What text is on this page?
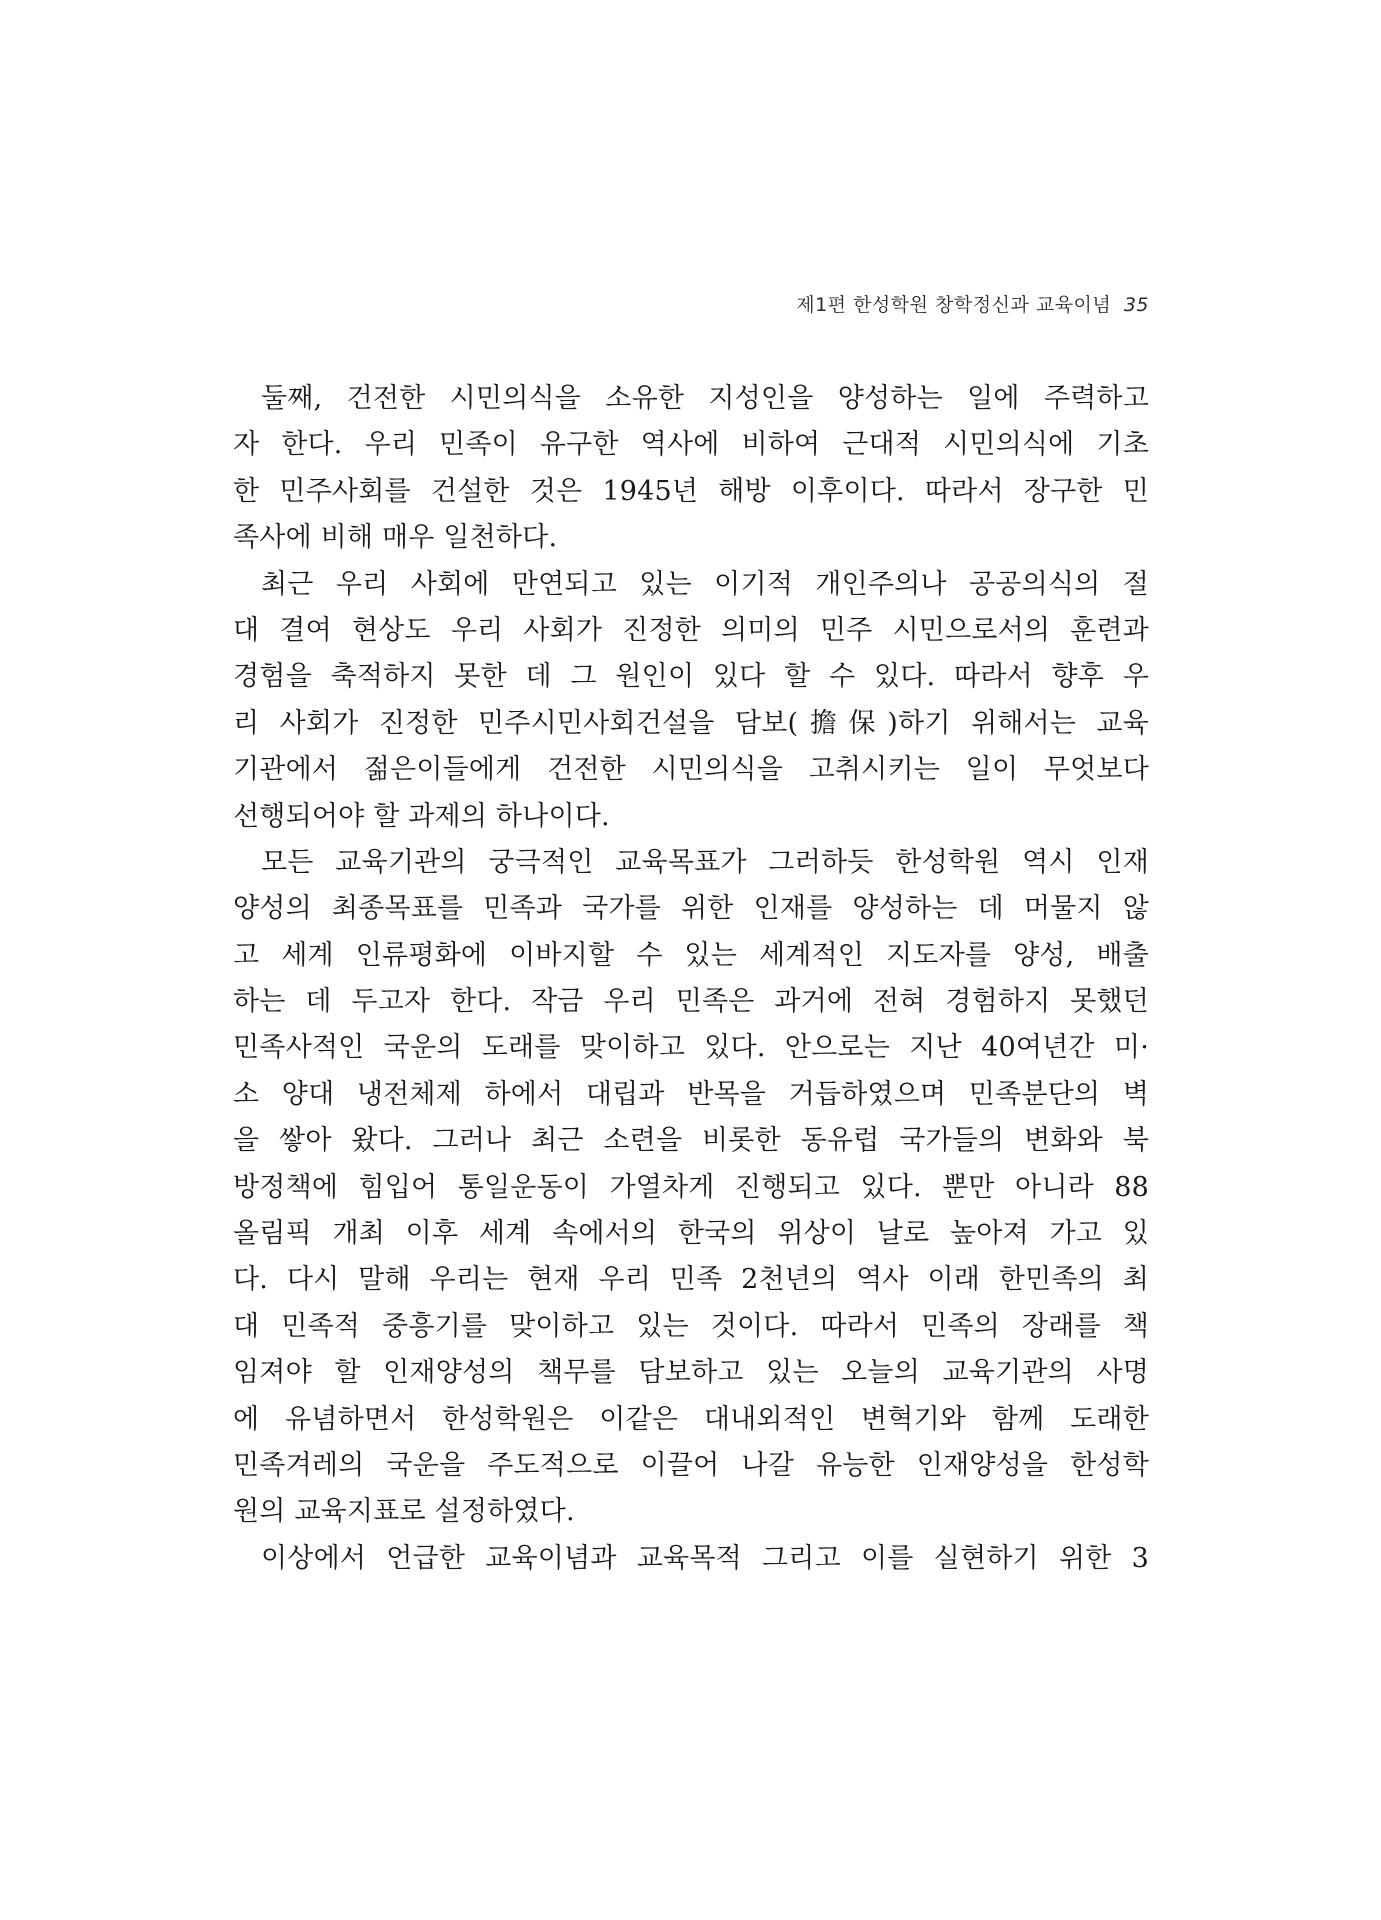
제1편 한성학원 창학정신과 교육이념 35
둘째, 건전한 시민의식을 소유한 지성인을 양성하는 일에 주력하고
자 한다. 우리 민족이 유구한 역사에 비하여 근대적 시민의식에 기초
한 민주사회를 건설한 것은 1945년 해방 이후이다. 따라서 장구한 민
족사에 비해 매우 일천하다.
최근 우리 사회에 만연되고 있는 이기적 개인주의나 공공의식의 절
대 결여 현상도 우리 사회가 진정한 의미의 민주 시민으로서의 훈련과
경험을 축적하지 못한 데 그 원인이 있다 할 수 있다. 따라서 향후 우
리 사회가 진정한 민주시민사회건설을 담보(擔保)하기 위해서는 교육
기관에서 젊은이들에게 건전한 시민의식을 고취시키는 일이 무엇보다
선행되어야 할 과제의 하나이다.
모든 교육기관의 궁극적인 교육목표가 그러하듯 한성학원 역시 인재
양성의 최종목표를 민족과 국가를 위한 인재를 양성하는 데 머물지 않
고 세계 인류평화에 이바지할 수 있는 세계적인 지도자를 양성, 배출
하는 데 두고자 한다. 작금 우리 민족은 과거에 전혀 경험하지 못했던
민족사적인 국운의 도래를 맞이하고 있다. 안으로는 지난 40여년간 미·
소 양대 냉전체제 하에서 대립과 반목을 거듭하였으며 민족분단의 벽
을 쌓아 왔다. 그러나 최근 소련을 비롯한 동유럽 국가들의 변화와 북
방정책에 힘입어 통일운동이 가열차게 진행되고 있다. 뿐만 아니라 88
올림픽 개최 이후 세계 속에서의 한국의 위상이 날로 높아져 가고 있
다. 다시 말해 우리는 현재 우리 민족 2천년의 역사 이래 한민족의 최
대 민족적 중흥기를 맞이하고 있는 것이다. 따라서 민족의 장래를 책
임져야 할 인재양성의 책무를 담보하고 있는 오늘의 교육기관의 사명
에 유념하면서 한성학원은 이같은 대내외적인 변혁기와 함께 도래한
민족겨레의 국운을 주도적으로 이끌어 나갈 유능한 인재양성을 한성학
원의 교육지표로 설정하였다.
이상에서 언급한 교육이념과 교육목적 그리고 이를 실현하기 위한 3
